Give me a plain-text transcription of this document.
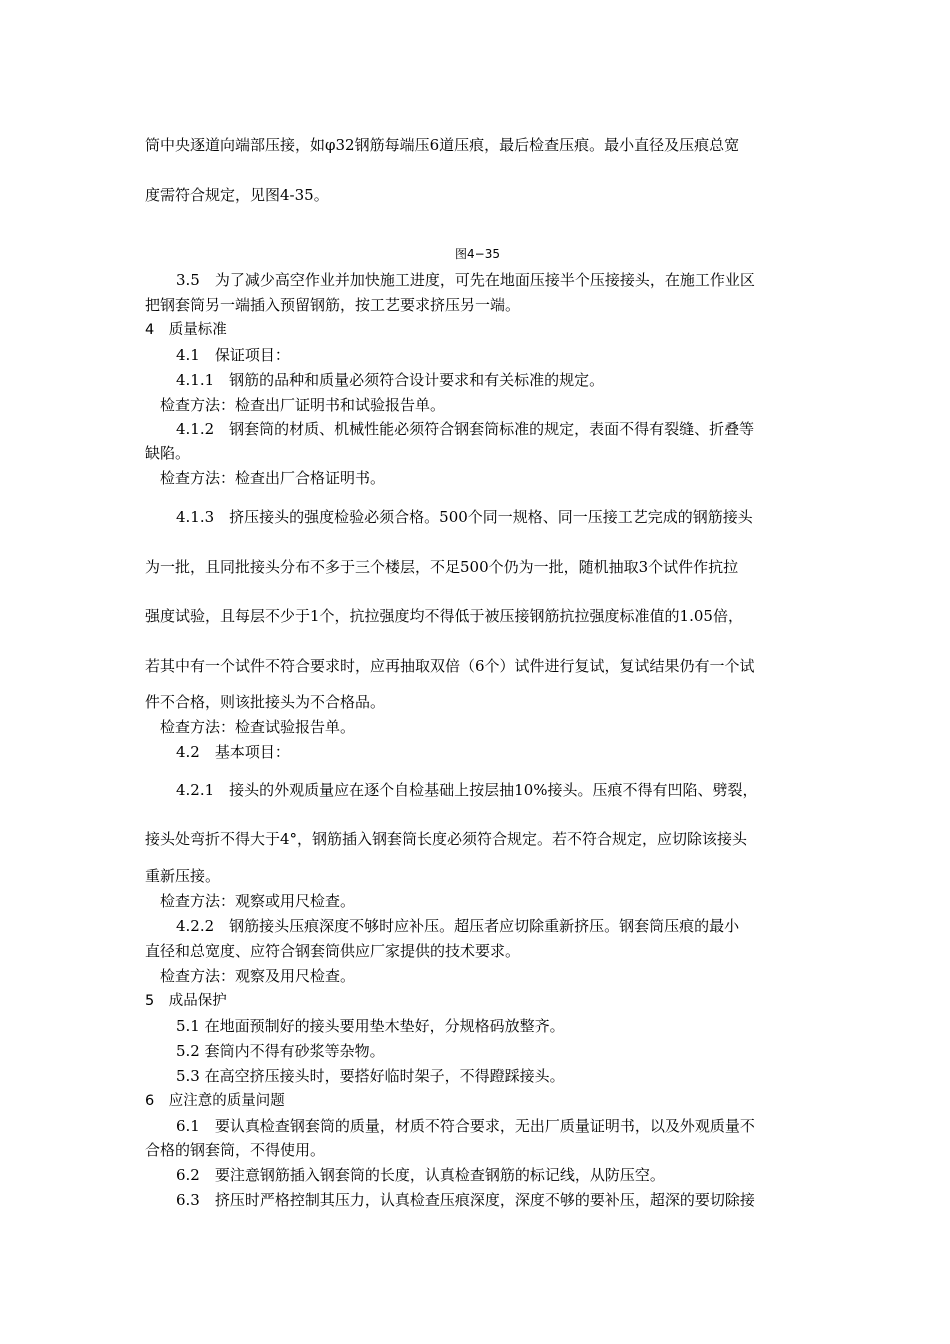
筒中央逐道向端部压接，如φ32钢筋每端压6道压痕，最后检查压痕。最小直径及压痕总宽
度需符合规定，见图4-35。
图4−35
3.5　为了减少高空作业并加快施工进度，可先在地面压接半个压接接头，在施工作业区
把钢套筒另一端插入预留钢筋，按工艺要求挤压另一端。
4　质量标准
4.1　保证项目：
4.1.1　钢筋的品种和质量必须符合设计要求和有关标准的规定。
检查方法：检查出厂证明书和试验报告单。
4.1.2　钢套筒的材质、机械性能必须符合钢套筒标准的规定，表面不得有裂缝、折叠等
缺陷。
检查方法：检查出厂合格证明书。
4.1.3　挤压接头的强度检验必须合格。500个同一规格、同一压接工艺完成的钢筋接头
为一批，且同批接头分布不多于三个楼层，不足500个仍为一批，随机抽取3个试件作抗拉
强度试验，且每层不少于1个，抗拉强度均不得低于被压接钢筋抗拉强度标准值的1.05倍，
若其中有一个试件不符合要求时，应再抽取双倍（6个）试件进行复试，复试结果仍有一个试
件不合格，则该批接头为不合格品。
检查方法：检查试验报告单。
4.2　基本项目：
4.2.1　接头的外观质量应在逐个自检基础上按层抽10%接头。压痕不得有凹陷、劈裂，
接头处弯折不得大于4°，钢筋插入钢套筒长度必须符合规定。若不符合规定，应切除该接头
重新压接。
检查方法：观察或用尺检查。
4.2.2　钢筋接头压痕深度不够时应补压。超压者应切除重新挤压。钢套筒压痕的最小
直径和总宽度、应符合钢套筒供应厂家提供的技术要求。
检查方法：观察及用尺检查。
5　成品保护
5.1 在地面预制好的接头要用垫木垫好，分规格码放整齐。
5.2 套筒内不得有砂浆等杂物。
5.3 在高空挤压接头时，要搭好临时架子，不得蹬踩接头。
6　应注意的质量问题
6.1　要认真检查钢套筒的质量，材质不符合要求，无出厂质量证明书，以及外观质量不
合格的钢套筒，不得使用。
6.2　要注意钢筋插入钢套筒的长度，认真检查钢筋的标记线，从防压空。
6.3　挤压时严格控制其压力，认真检查压痕深度，深度不够的要补压，超深的要切除接
